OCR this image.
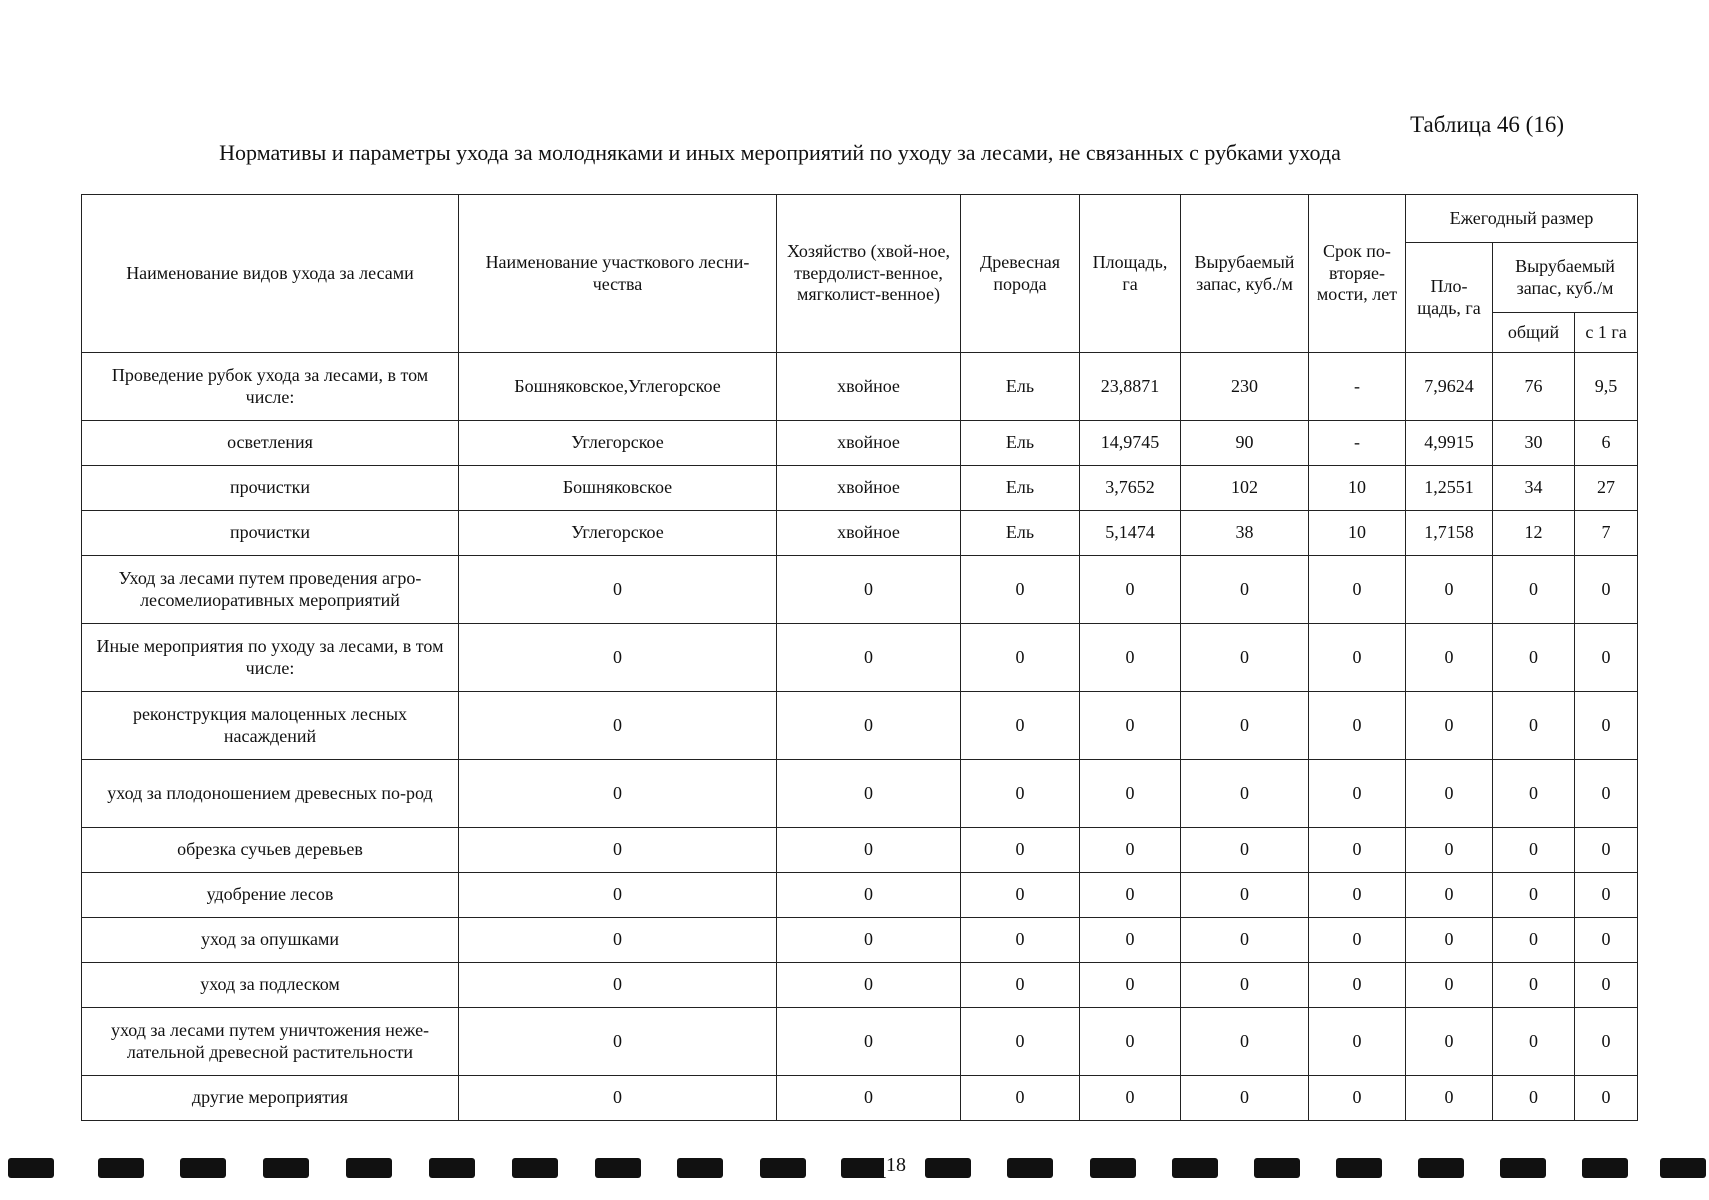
Таблица 46 (16)
Нормативы и параметры ухода за молодняками и иных мероприятий по уходу за лесами, не связанных с рубками ухода
Наименование видов ухода за лесами	Наименование участкового лесни-чества	Хозяйство (хвой-ное, твердолист-венное, мягколист-венное)	Древесная порода	Площадь, га	Вырубаемый запас, куб./м	Срок по-вторяе-мости, лет	Ежегодный размер		
							Пло-щадь, га	Вырубаемый запас, куб./м	
								общий	с 1 га
Проведение рубок ухода за лесами, в том числе:	Бошняковское,Углегорское	хвойное	Ель	23,8871	230	-	7,9624	76	9,5
осветления	Углегорское	хвойное	Ель	14,9745	90	-	4,9915	30	6
прочистки	Бошняковское	хвойное	Ель	3,7652	102	10	1,2551	34	27
прочистки	Углегорское	хвойное	Ель	5,1474	38	10	1,7158	12	7
Уход за лесами путем проведения агро-лесомелиоративных мероприятий	0	0	0	0	0	0	0	0	0
Иные мероприятия по уходу за лесами, в том числе:	0	0	0	0	0	0	0	0	0
реконструкция малоценных лесных насаждений	0	0	0	0	0	0	0	0	0
уход за плодоношением древесных по-род	0	0	0	0	0	0	0	0	0
обрезка сучьев деревьев	0	0	0	0	0	0	0	0	0
удобрение лесов	0	0	0	0	0	0	0	0	0
уход за опушками	0	0	0	0	0	0	0	0	0
уход за подлеском	0	0	0	0	0	0	0	0	0
уход за лесами путем уничтожения неже-лательной древесной растительности	0	0	0	0	0	0	0	0	0
другие мероприятия	0	0	0	0	0	0	0	0	0
18
